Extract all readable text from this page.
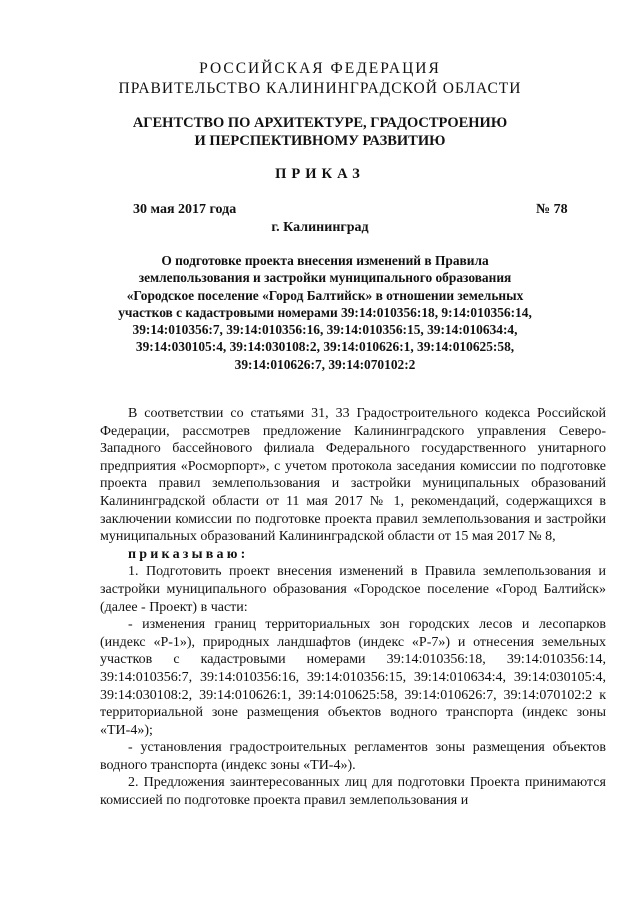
РОССИЙСКАЯ ФЕДЕРАЦИЯ
ПРАВИТЕЛЬСТВО КАЛИНИНГРАДСКОЙ ОБЛАСТИ
АГЕНТСТВО ПО АРХИТЕКТУРЕ, ГРАДОСТРОЕНИЮ
И ПЕРСПЕКТИВНОМУ РАЗВИТИЮ
ПРИКАЗ
30 мая 2017 года	№ 78
г. Калининград
О подготовке проекта внесения изменений в Правила
землепользования и застройки муниципального образования
«Городское поселение «Город Балтийск» в отношении земельных
участков с кадастровыми номерами 39:14:010356:18, 9:14:010356:14,
39:14:010356:7, 39:14:010356:16, 39:14:010356:15, 39:14:010634:4,
39:14:030105:4, 39:14:030108:2, 39:14:010626:1, 39:14:010625:58,
39:14:010626:7, 39:14:070102:2

В соответствии со статьями 31, 33 Градостроительного кодекса Российской Федерации, рассмотрев предложение Калининградского управления Северо-Западного бассейнового филиала Федерального государственного унитарного предприятия «Росморпорт», с учетом протокола заседания комиссии по подготовке проекта правил землепользования и застройки муниципальных образований Калининградской области от 11 мая 2017 № 1, рекомендаций, содержащихся в заключении комиссии по подготовке проекта правил землепользования и застройки муниципальных образований Калининградской области от 15 мая 2017 № 8,

приказываю:

1. Подготовить проект внесения изменений в Правила землепользования и застройки муниципального образования «Городское поселение «Город Балтийск» (далее - Проект) в части:

- изменения границ территориальных зон городских лесов и лесопарков (индекс «Р-1»), природных ландшафтов (индекс «Р-7») и отнесения земельных участков с кадастровыми номерами 39:14:010356:18, 39:14:010356:14, 39:14:010356:7, 39:14:010356:16, 39:14:010356:15, 39:14:010634:4, 39:14:030105:4, 39:14:030108:2, 39:14:010626:1, 39:14:010625:58, 39:14:010626:7, 39:14:070102:2 к территориальной зоне размещения объектов водного транспорта (индекс зоны «ТИ-4»);

- установления градостроительных регламентов зоны размещения объектов водного транспорта (индекс зоны «ТИ-4»).

2. Предложения заинтересованных лиц для подготовки Проекта принимаются комиссией по подготовке проекта правил землепользования и
